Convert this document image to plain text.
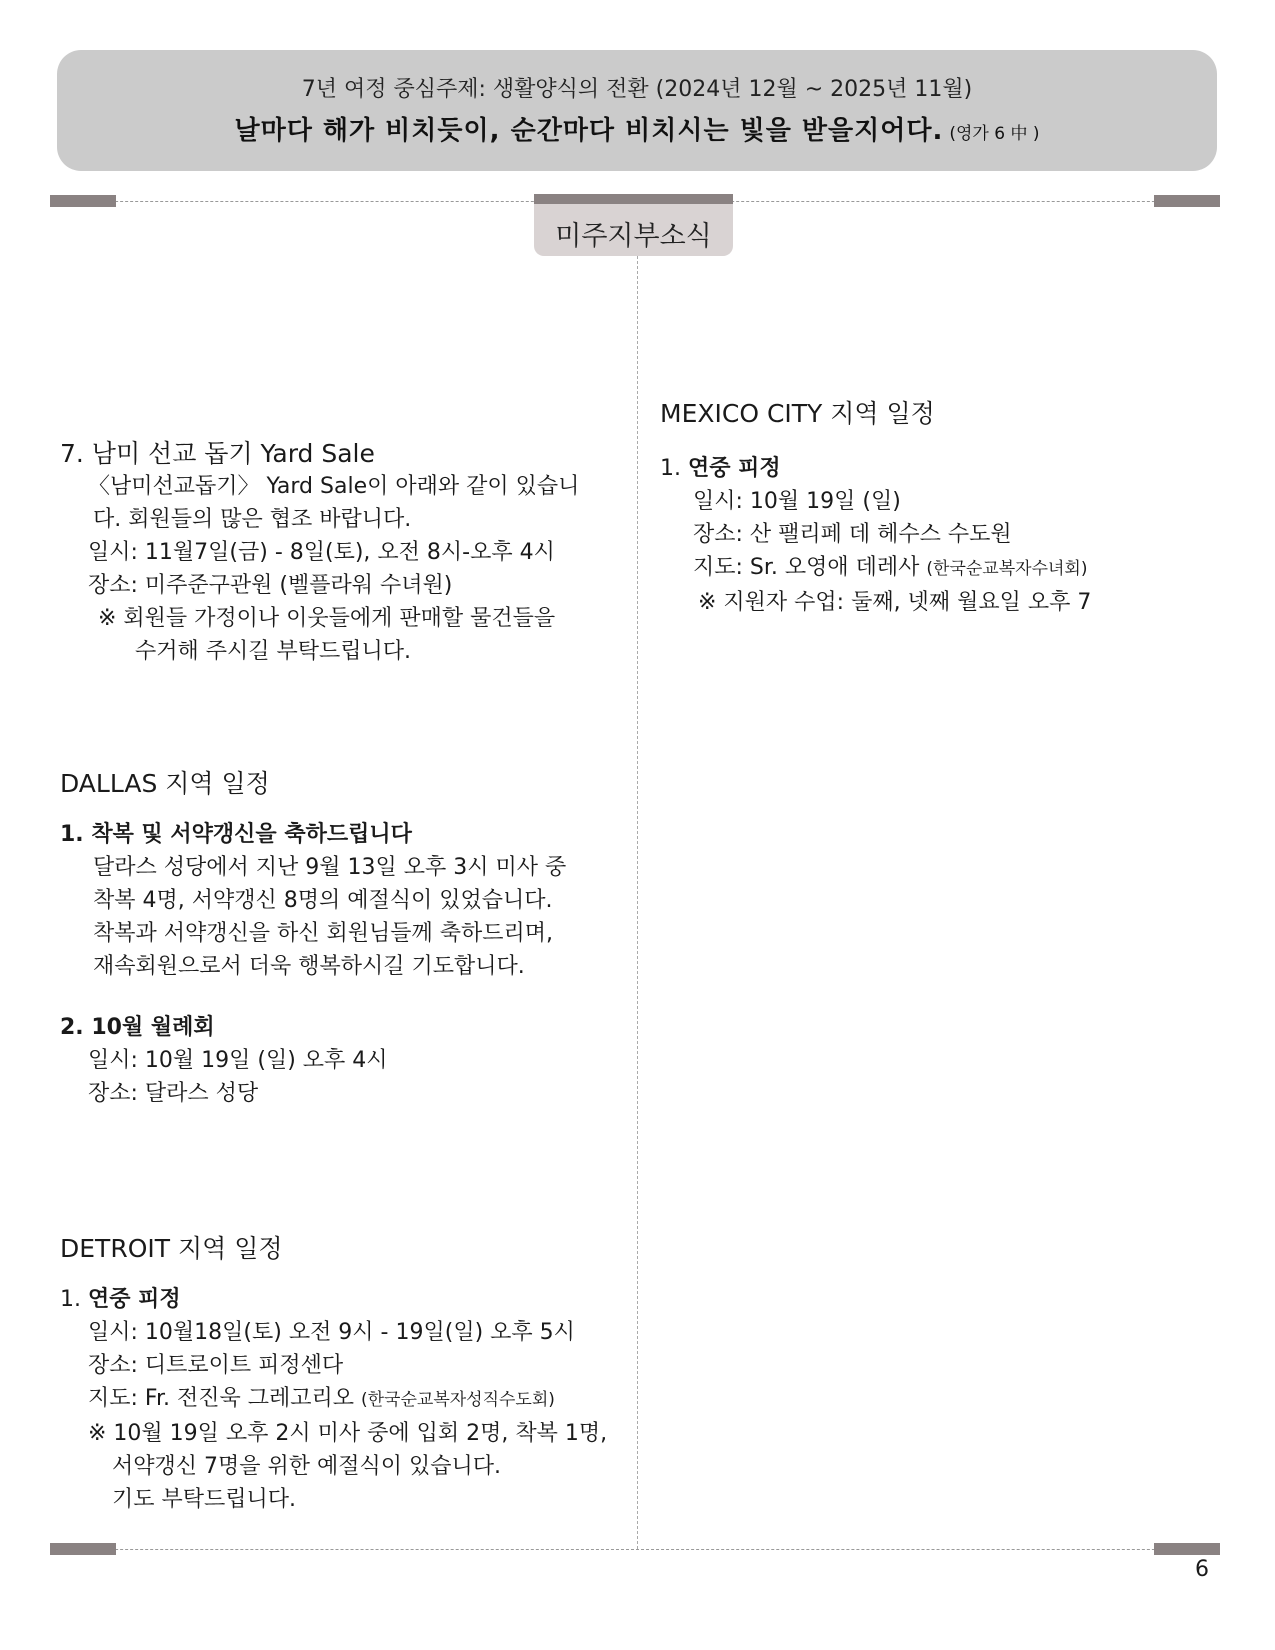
7년 여정 중심주제: 생활양식의 전환 (2024년 12월 ~ 2025년 11월)
날마다 해가 비치듯이, 순간마다 비치시는 빛을 받을지어다. (영가 6 中 )
미주지부소식

7. 남미 선교 돕기 Yard Sale

〈남미선교돕기〉 Yard Sale이 아래와 같이 있습니

다. 회원들의 많은 협조 바랍니다.

일시: 11월7일(금) - 8일(토), 오전 8시-오후 4시

장소: 미주준구관원 (벨플라워 수녀원)

※ 회원들 가정이나 이웃들에게 판매할 물건들을

수거해 주시길 부탁드립니다.

DALLAS 지역 일정

1. 착복 및 서약갱신을 축하드립니다

달라스 성당에서 지난 9월 13일 오후 3시 미사 중

착복 4명, 서약갱신 8명의 예절식이 있었습니다.

착복과 서약갱신을 하신 회원님들께 축하드리며,

재속회원으로서 더욱 행복하시길 기도합니다.

2. 10월 월례회

일시: 10월 19일 (일) 오후 4시

장소: 달라스 성당

DETROIT 지역 일정

1. 연중 피정

일시: 10월18일(토) 오전 9시 - 19일(일) 오후 5시

장소: 디트로이트 피정센다

지도: Fr. 전진욱 그레고리오 (한국순교복자성직수도회)

※ 10월 19일 오후 2시 미사 중에 입회 2명, 착복 1명,

서약갱신 7명을 위한 예절식이 있습니다.

기도 부탁드립니다.

MEXICO CITY 지역 일정

1. 연중 피정

일시: 10월 19일 (일)

장소: 산 팰리페 데 헤수스 수도원

지도: Sr. 오영애 데레사 (한국순교복자수녀회)

※ 지원자 수업: 둘째, 넷째 월요일 오후 7

6
